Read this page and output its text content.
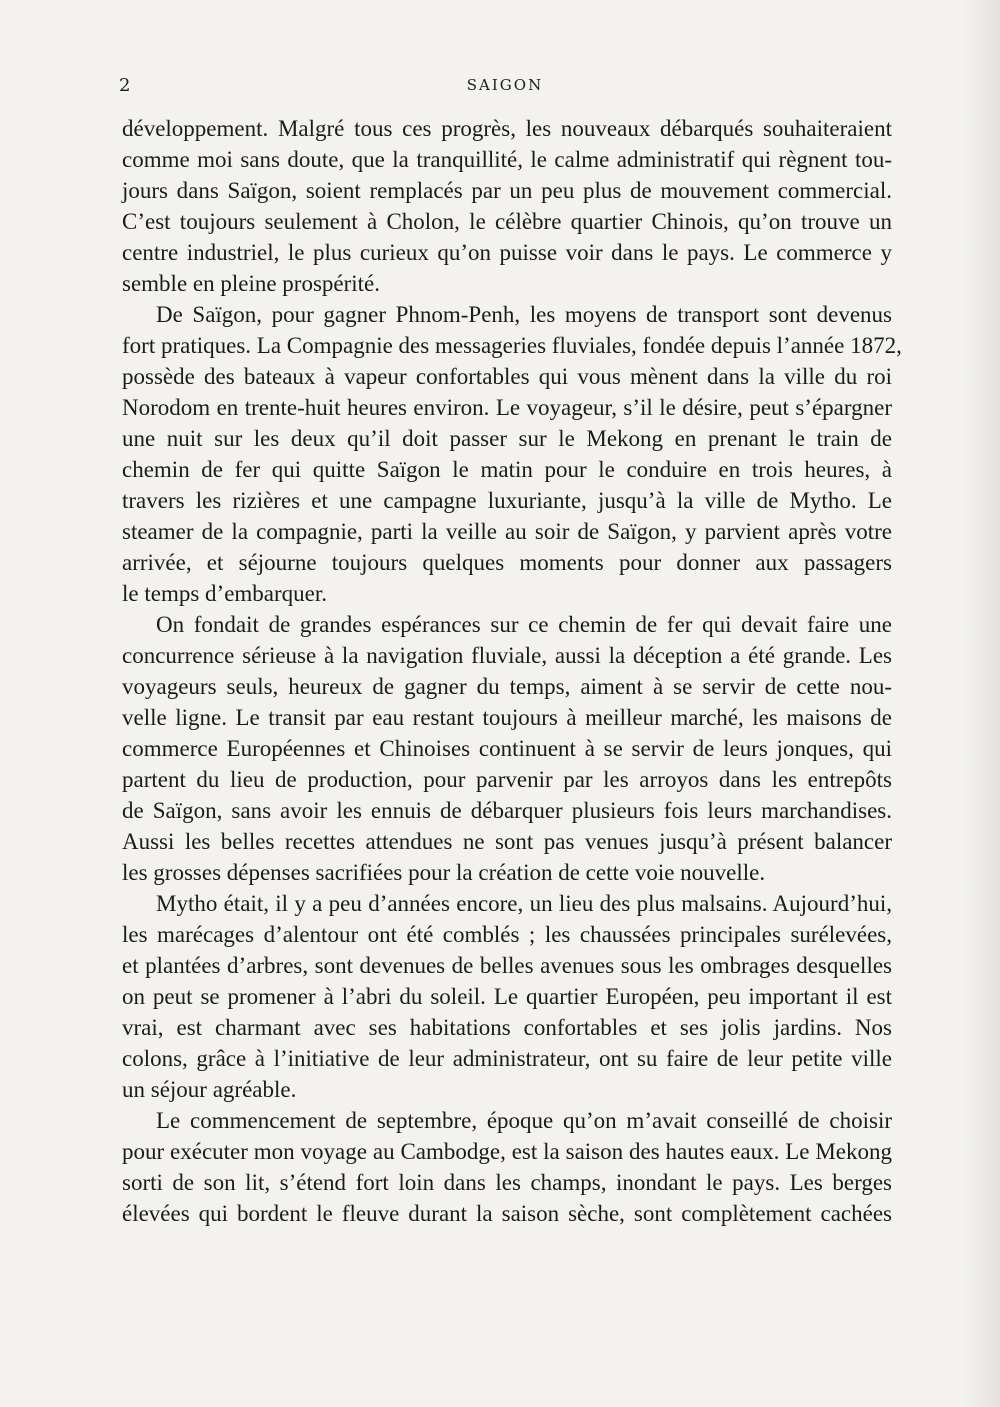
2	SAIGON
développement. Malgré tous ces progrès, les nouveaux débarqués souhaiteraient
comme moi sans doute, que la tranquillité, le calme administratif qui règnent tou-
jours dans Saïgon, soient remplacés par un peu plus de mouvement commercial.
C’est toujours seulement à Cholon, le célèbre quartier Chinois, qu’on trouve un
centre industriel, le plus curieux qu’on puisse voir dans le pays. Le commerce y
semble en pleine prospérité.
De Saïgon, pour gagner Phnom-Penh, les moyens de transport sont devenus
fort pratiques. La Compagnie des messageries fluviales, fondée depuis l’année 1872,
possède des bateaux à vapeur confortables qui vous mènent dans la ville du roi
Norodom en trente-huit heures environ. Le voyageur, s’il le désire, peut s’épargner
une nuit sur les deux qu’il doit passer sur le Mekong en prenant le train de
chemin de fer qui quitte Saïgon le matin pour le conduire en trois heures, à
travers les rizières et une campagne luxuriante, jusqu’à la ville de Mytho. Le
steamer de la compagnie, parti la veille au soir de Saïgon, y parvient après votre
arrivée, et séjourne toujours quelques moments pour donner aux passagers
le temps d’embarquer.
On fondait de grandes espérances sur ce chemin de fer qui devait faire une
concurrence sérieuse à la navigation fluviale, aussi la déception a été grande. Les
voyageurs seuls, heureux de gagner du temps, aiment à se servir de cette nou-
velle ligne. Le transit par eau restant toujours à meilleur marché, les maisons de
commerce Européennes et Chinoises continuent à se servir de leurs jonques, qui
partent du lieu de production, pour parvenir par les arroyos dans les entrepôts
de Saïgon, sans avoir les ennuis de débarquer plusieurs fois leurs marchandises.
Aussi les belles recettes attendues ne sont pas venues jusqu’à présent balancer
les grosses dépenses sacrifiées pour la création de cette voie nouvelle.
Mytho était, il y a peu d’années encore, un lieu des plus malsains. Aujourd’hui,
les marécages d’alentour ont été comblés ; les chaussées principales surélevées,
et plantées d’arbres, sont devenues de belles avenues sous les ombrages desquelles
on peut se promener à l’abri du soleil. Le quartier Européen, peu important il est
vrai, est charmant avec ses habitations confortables et ses jolis jardins. Nos
colons, grâce à l’initiative de leur administrateur, ont su faire de leur petite ville
un séjour agréable.
Le commencement de septembre, époque qu’on m’avait conseillé de choisir
pour exécuter mon voyage au Cambodge, est la saison des hautes eaux. Le Mekong
sorti de son lit, s’étend fort loin dans les champs, inondant le pays. Les berges
élevées qui bordent le fleuve durant la saison sèche, sont complètement cachées
